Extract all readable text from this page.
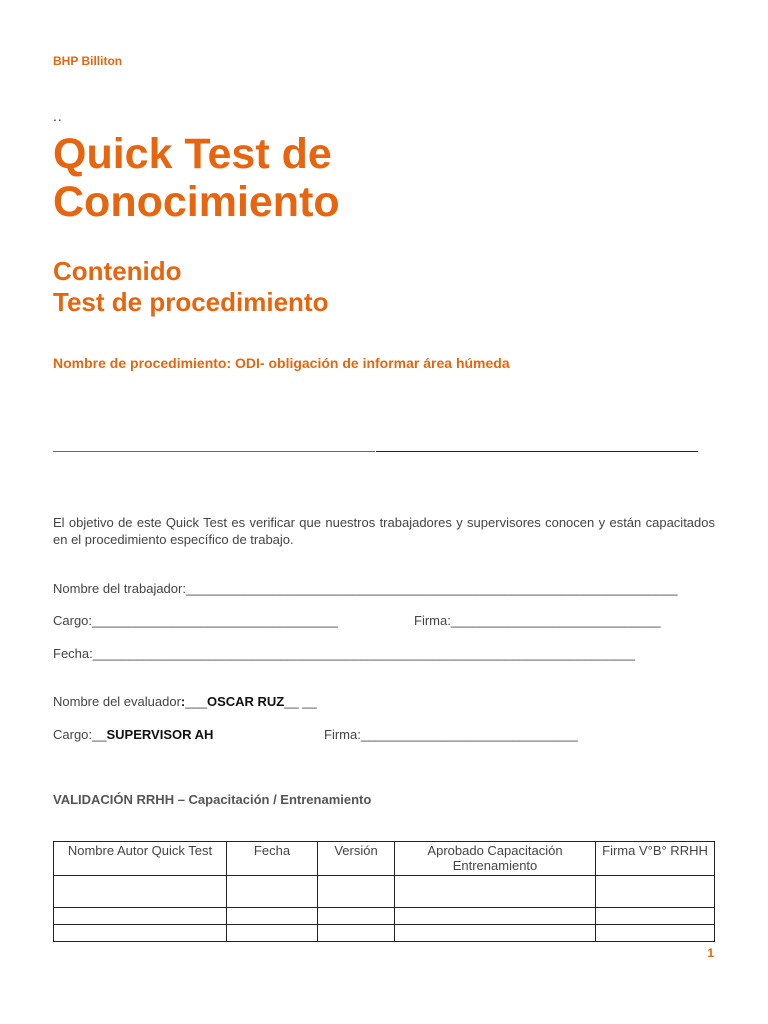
BHP Billiton
..
Quick Test de
Conocimiento
Contenido
Test de procedimiento
Nombre de procedimiento: ODI- obligación de informar área húmeda
El objetivo de este Quick Test es verificar que nuestros trabajadores y supervisores conocen y están capacitados en el procedimiento específico de trabajo.
Nombre del trabajador:____________________________________________________________________
Cargo:__________________________________	Firma:_____________________________
Fecha:___________________________________________________________________________
Nombre del evaluador:___OSCAR RUZ__ __
Cargo:__SUPERVISOR AH	Firma:______________________________
VALIDACIÓN RRHH – Capacitación / Entrenamiento
Nombre Autor Quick Test	Fecha	Versión	Aprobado Capacitación Entrenamiento	Firma V°B° RRHH

1
